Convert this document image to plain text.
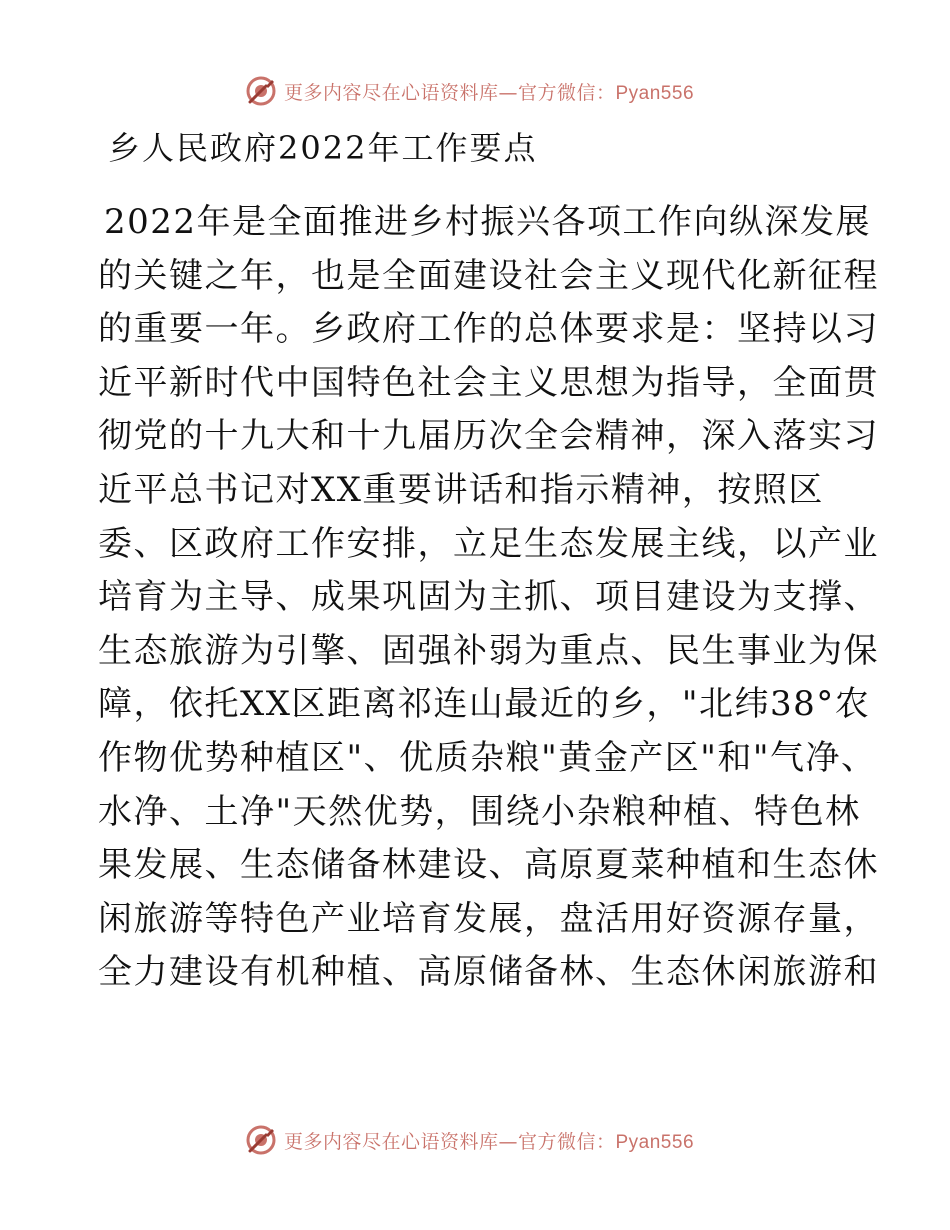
更多内容尽在心语资料库—官方微信：Pyan556
乡人民政府2022年工作要点
2022年是全面推进乡村振兴各项工作向纵深发展
的关键之年，也是全面建设社会主义现代化新征程
的重要一年。乡政府工作的总体要求是：坚持以习
近平新时代中国特色社会主义思想为指导，全面贯
彻党的十九大和十九届历次全会精神，深入落实习
近平总书记对XX重要讲话和指示精神，按照区
委、区政府工作安排，立足生态发展主线，以产业
培育为主导、成果巩固为主抓、项目建设为支撑、
生态旅游为引擎、固强补弱为重点、民生事业为保
障，依托XX区距离祁连山最近的乡，"北纬38°农
作物优势种植区"、优质杂粮"黄金产区"和"气净、
水净、土净"天然优势，围绕小杂粮种植、特色林
果发展、生态储备林建设、高原夏菜种植和生态休
闲旅游等特色产业培育发展，盘活用好资源存量，
全力建设有机种植、高原储备林、生态休闲旅游和
更多内容尽在心语资料库—官方微信：Pyan556
